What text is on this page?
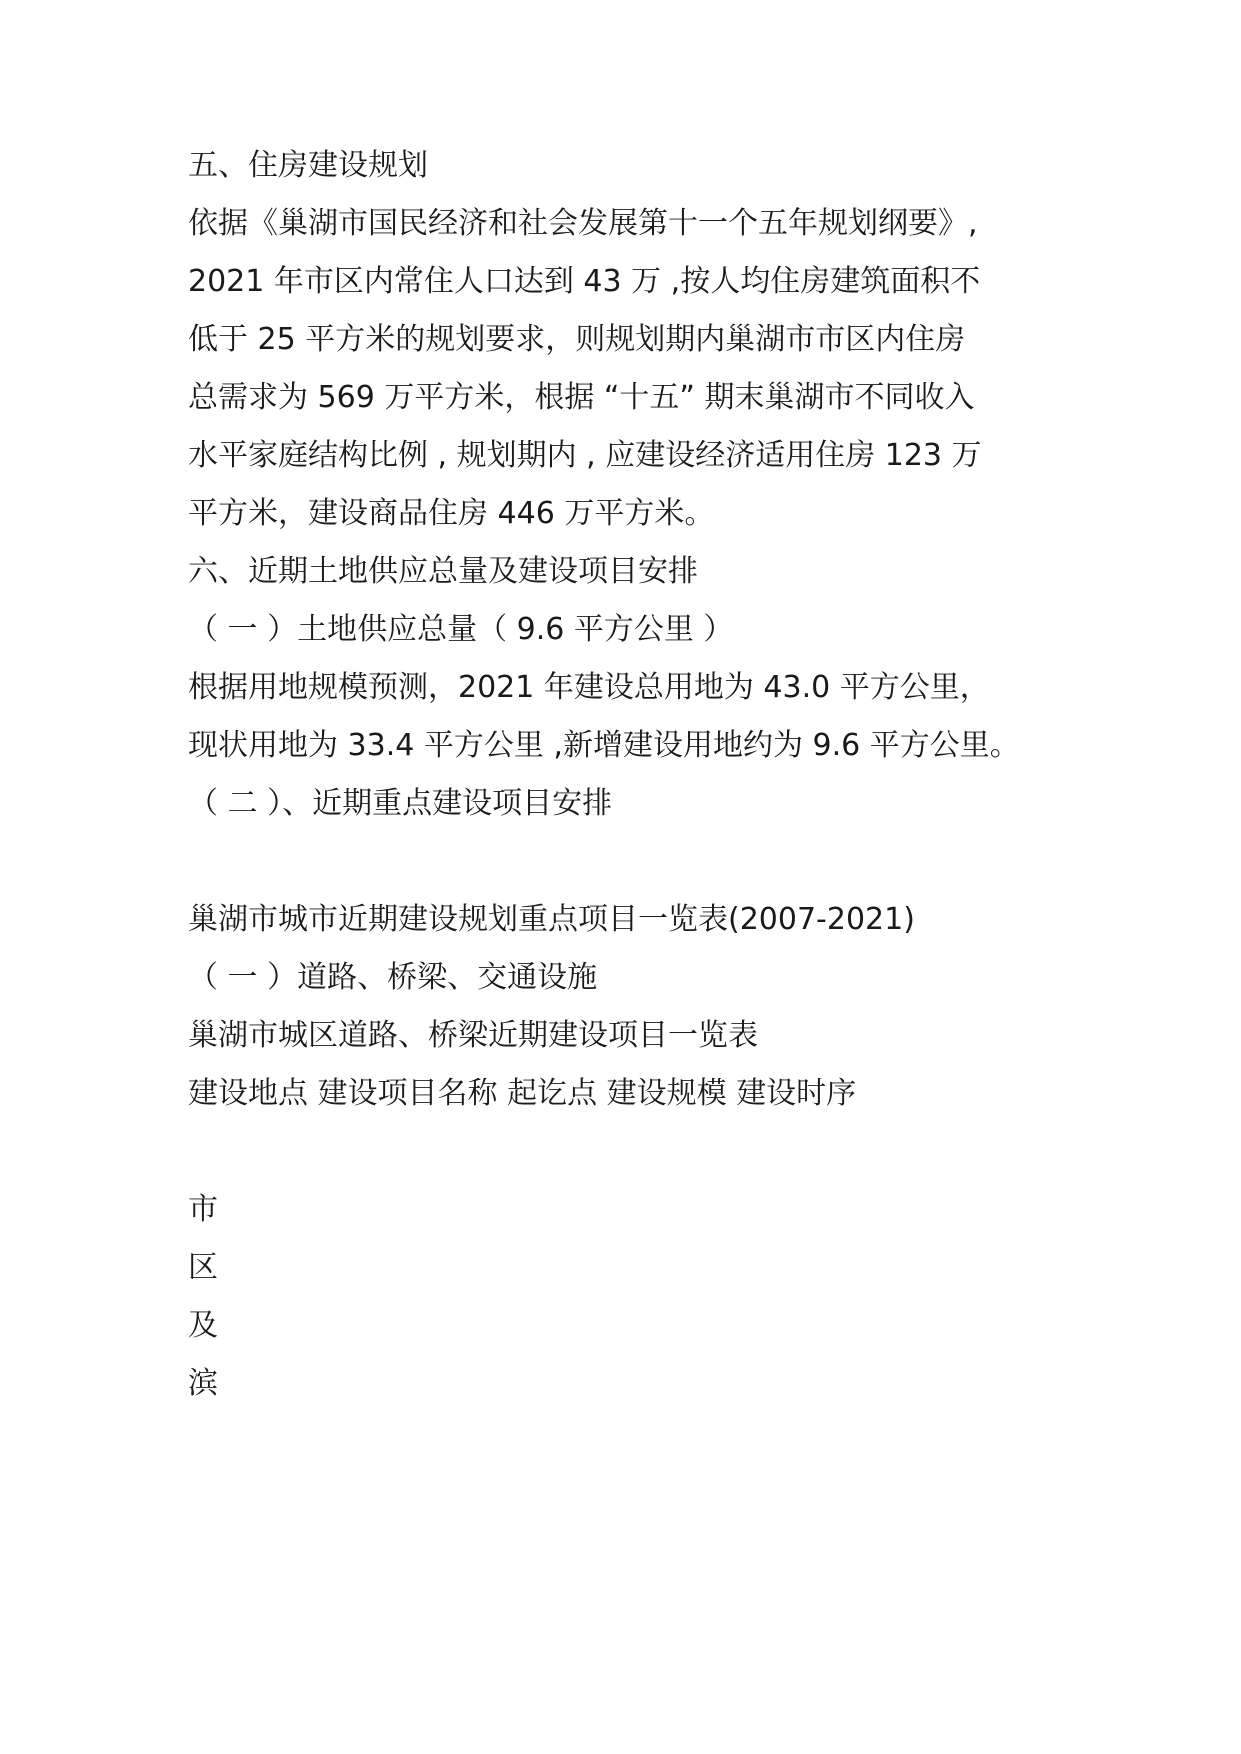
五、住房建设规划
依据《巢湖市国民经济和社会发展第十一个五年规划纲要》,
2021 年市区内常住人口达到 43 万 ,按人均住房建筑面积不
低于 25 平方米的规划要求，则规划期内巢湖市市区内住房
总需求为 569 万平方米，根据 “十五” 期末巢湖市不同收入
水平家庭结构比例 , 规划期内 , 应建设经济适用住房 123 万
平方米，建设商品住房 446 万平方米。
六、近期土地供应总量及建设项目安排
（ 一 ）土地供应总量（ 9.6 平方公里 ）
根据用地规模预测，2021 年建设总用地为 43.0 平方公里，
现状用地为 33.4 平方公里 ,新增建设用地约为 9.6 平方公里。
（ 二 ）、近期重点建设项目安排
巢湖市城市近期建设规划重点项目一览表(2007-2021)
（ 一 ）道路、桥梁、交通设施
巢湖市城区道路、桥梁近期建设项目一览表
建设地点 建设项目名称 起讫点 建设规模 建设时序
市
区
及
滨
